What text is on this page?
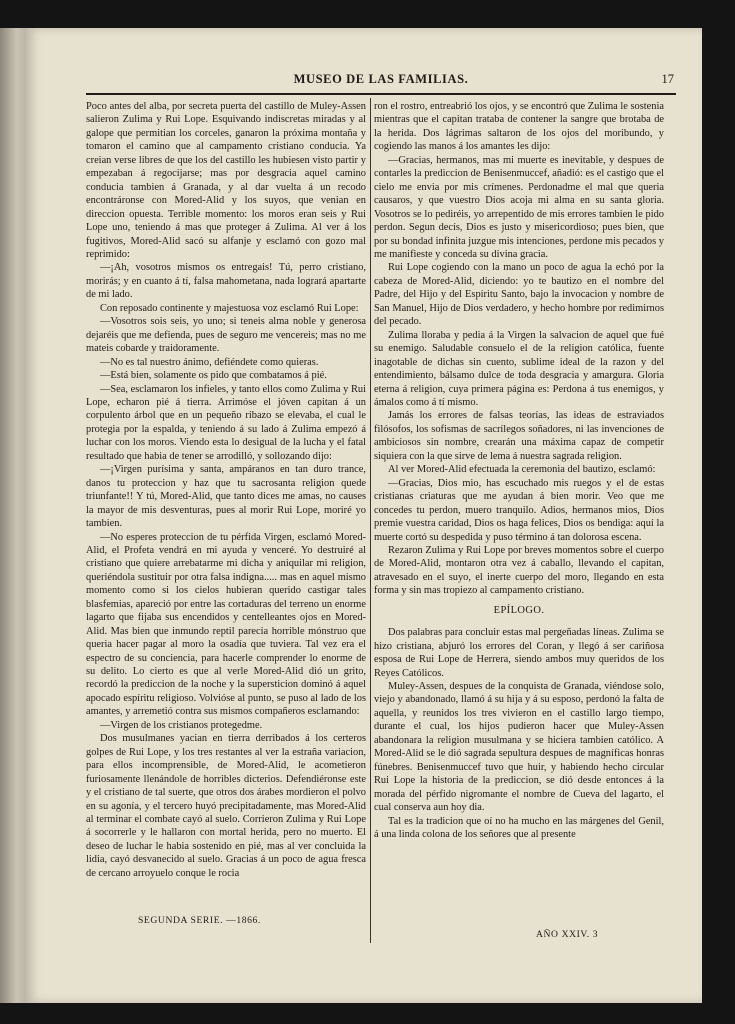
MUSEO DE LAS FAMILIAS.	17

Poco antes del alba, por secreta puerta del castillo de Muley-Assen salieron Zulima y Rui Lope. Esquivando indiscretas miradas y al galope que permitian los corceles, ganaron la próxima montaña y tomaron el camino que al campamento cristiano conducia. Ya creian verse libres de que los del castillo les hubiesen visto partir y empezaban á regocijarse; mas por desgracia aquel camino conducia tambien á Granada, y al dar vuelta á un recodo encontráronse con Mored-Alid y los suyos, que venian en direccion opuesta. Terrible momento: los moros eran seis y Rui Lope uno, teniendo á mas que proteger á Zulima. Al ver á los fugitivos, Mored-Alid sacó su alfanje y esclamó con gozo mal reprimido:

—¡Ah, vosotros mismos os entregais! Tú, perro cristiano, morirás; y en cuanto á tí, falsa mahometana, nada logrará apartarte de mi lado.

Con reposado continente y majestuosa voz esclamó Rui Lope:

—Vosotros sois seis, yo uno; si teneis alma noble y generosa dejaréis que me defienda, pues de seguro me vencereis; mas no me mateis cobarde y traidoramente.

—No es tal nuestro ánimo, defiéndete como quieras.

—Está bien, solamente os pido que combatamos á pié.

—Sea, esclamaron los infieles, y tanto ellos como Zulima y Rui Lope, echaron pié á tierra. Arrimóse el jóven capitan á un corpulento árbol que en un pequeño ribazo se elevaba, el cual le protegia por la espalda, y teniendo á su lado á Zulima empezó á luchar con los moros. Viendo esta lo desigual de la lucha y el fatal resultado que habia de tener se arrodilló, y sollozando dijo:

—¡Virgen purísima y santa, ampáranos en tan duro trance, danos tu proteccion y haz que tu sacrosanta religion quede triunfante!! Y tú, Mored-Alid, que tanto dices me amas, no causes la mayor de mis desventuras, pues al morir Rui Lope, moriré yo tambien.

—No esperes proteccion de tu pérfida Virgen, esclamó Mored-Alid, el Profeta vendrá en mi ayuda y venceré. Yo destruiré al cristiano que quiere arrebatarme mi dicha y aniquilar mi religion, queriéndola sustituir por otra falsa indigna..... mas en aquel mismo momento como si los cielos hubieran querido castigar tales blasfemias, apareció por entre las cortaduras del terreno un enorme lagarto que fijaba sus encendidos y centelleantes ojos en Mored-Alid. Mas bien que inmundo reptil parecia horrible mónstruo que queria hacer pagar al moro la osadía que tuviera. Tal vez era el espectro de su conciencia, para hacerle comprender lo enorme de su delito. Lo cierto es que al verle Mored-Alid dió un grito, recordó la prediccion de la noche y la supersticion dominó á aquel apocado espíritu religioso. Volvióse al punto, se puso al lado de los amantes, y arremetió contra sus mismos compañeros esclamando:

—Virgen de los cristianos protegedme.

Dos musulmanes yacian en tierra derribados á los certeros golpes de Rui Lope, y los tres restantes al ver la estraña variacion, para ellos incomprensible, de Mored-Alid, le acometieron furiosamente llenándole de horribles dicterios. Defendiéronse este y el cristiano de tal suerte, que otros dos árabes mordieron el polvo en su agonía, y el tercero huyó precipitadamente, mas Mored-Alid al terminar el combate cayó al suelo. Corrieron Zulima y Rui Lope á socorrerle y le hallaron con mortal herida, pero no muerto. El deseo de luchar le habia sostenido en pié, mas al ver concluida la lidia, cayó desvanecido al suelo. Gracias á un poco de agua fresca de cercano arroyuelo conque le rocia

ron el rostro, entreabrió los ojos, y se encontró que Zulima le sostenia mientras que el capitan trataba de contener la sangre que brotaba de la herida. Dos lágrimas saltaron de los ojos del moribundo, y cogiendo las manos á los amantes les dijo:

—Gracias, hermanos, mas mi muerte es inevitable, y despues de contarles la prediccion de Benisenmuccef, añadió: es el castigo que el cielo me envia por mis crímenes. Perdonadme el mal que queria causaros, y que vuestro Dios acoja mi alma en su santa gloria. Vosotros se lo pediréis, yo arrepentido de mis errores tambien le pido perdon. Segun decís, Dios es justo y misericordioso; pues bien, que por su bondad infinita juzgue mis intenciones, perdone mis pecados y me manifieste y conceda su divina gracia.

Rui Lope cogiendo con la mano un poco de agua la echó por la cabeza de Mored-Alid, diciendo: yo te bautizo en el nombre del Padre, del Hijo y del Espíritu Santo, bajo la invocacion y nombre de San Manuel, Hijo de Dios verdadero, y hecho hombre por redimirnos del pecado.

Zulima lloraba y pedia á la Virgen la salvacion de aquel que fué su enemigo. Saludable consuelo el de la religion católica, fuente inagotable de dichas sin cuento, sublime ideal de la razon y del entendimiento, bálsamo dulce de toda desgracia y amargura. Gloria eterna á religion, cuya primera página es: Perdona á tus enemigos, y ámalos como á tí mismo.

Jamás los errores de falsas teorías, las ideas de estraviados filósofos, los sofismas de sacrílegos soñadores, ni las invenciones de ambiciosos sin nombre, crearán una máxima capaz de competir siquiera con la que sirve de lema á nuestra sagrada religion.

Al ver Mored-Alid efectuada la ceremonia del bautizo, esclamó:

—Gracias, Dios mio, has escuchado mis ruegos y el de estas cristianas criaturas que me ayudan á bien morir. Veo que me concedes tu perdon, muero tranquilo. Adios, hermanos mios, Dios premie vuestra caridad, Dios os haga felices, Dios os bendiga: aquí la muerte cortó su despedida y puso término á tan dolorosa escena.

Rezaron Zulima y Rui Lope por breves momentos sobre el cuerpo de Mored-Alid, montaron otra vez á caballo, llevando el capitan, atravesado en el suyo, el inerte cuerpo del moro, llegando en esta forma y sin mas tropiezo al campamento cristiano.

EPÍLOGO.

Dos palabras para concluir estas mal pergeñadas líneas. Zulima se hizo cristiana, abjuró los errores del Coran, y llegó á ser cariñosa esposa de Rui Lope de Herrera, siendo ambos muy queridos de los Reyes Católicos.

Muley-Assen, despues de la conquista de Granada, viéndose solo, viejo y abandonado, llamó á su hija y á su esposo, perdonó la falta de aquella, y reunidos los tres vivieron en el castillo largo tiempo, durante el cual, los hijos pudieron hacer que Muley-Assen abandonara la religion musulmana y se hiciera tambien católico. A Mored-Alid se le dió sagrada sepultura despues de magníficas honras fúnebres. Benisenmuccef tuvo que huir, y habiendo hecho circular Rui Lope la historia de la prediccion, se dió desde entonces á la morada del pérfido nigromante el nombre de Cueva del lagarto, el cual conserva aun hoy dia.

Tal es la tradicion que oí no ha mucho en las márgenes del Genil, á una linda colona de los señores que al presente

SEGUNDA SERIE. —1866.
AÑO XXIV. 3
